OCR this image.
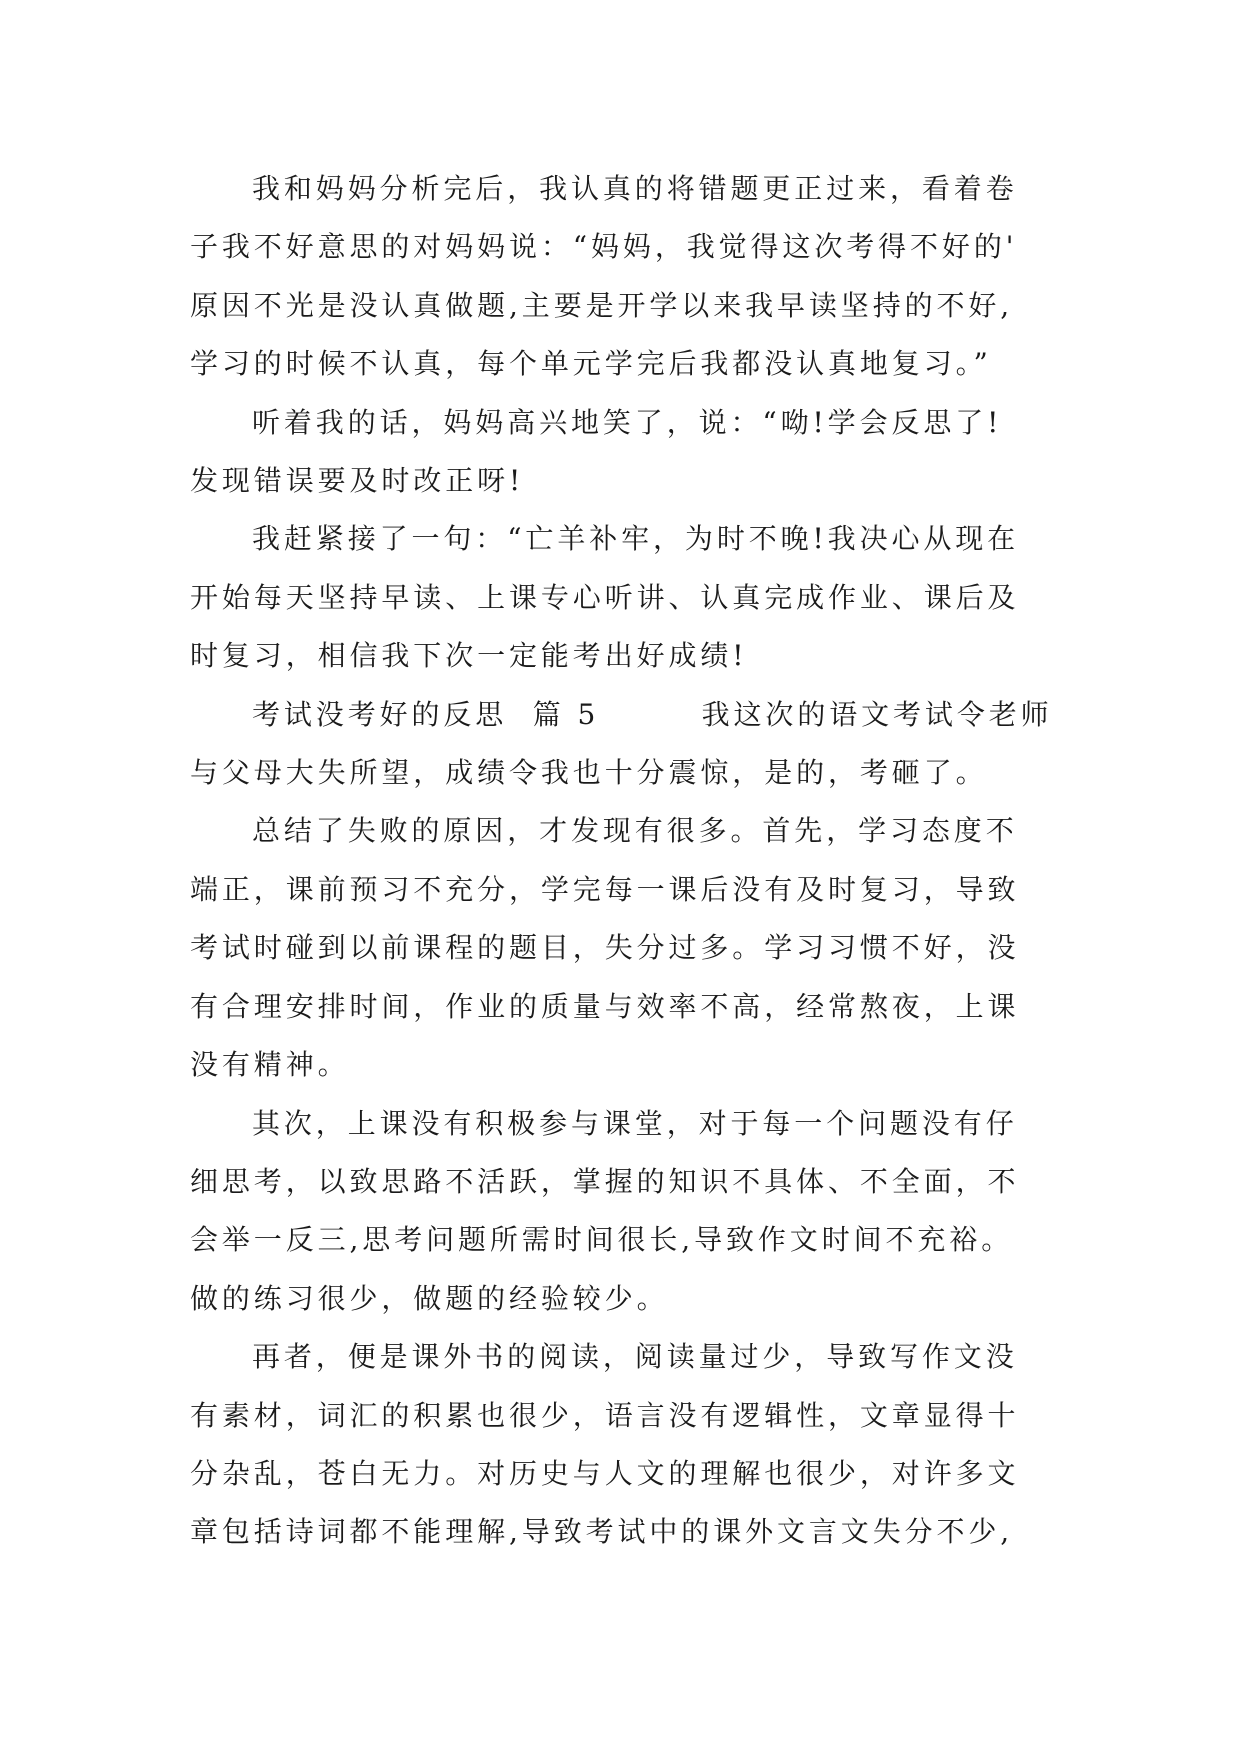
我和妈妈分析完后，我认真的将错题更正过来，看着卷
子我不好意思的对妈妈说：“妈妈，我觉得这次考得不好的'
原因不光是没认真做题,主要是开学以来我早读坚持的不好,
学习的时候不认真，每个单元学完后我都没认真地复习。”

听着我的话，妈妈高兴地笑了，说：“呦!学会反思了!
发现错误要及时改正呀!

我赶紧接了一句：“亡羊补牢，为时不晚!我决心从现在
开始每天坚持早读、上课专心听讲、认真完成作业、课后及
时复习，相信我下次一定能考出好成绩!

考试没考好的反思  篇 5        我这次的语文考试令老师
与父母大失所望，成绩令我也十分震惊，是的，考砸了。

总结了失败的原因，才发现有很多。首先，学习态度不
端正，课前预习不充分，学完每一课后没有及时复习，导致
考试时碰到以前课程的题目，失分过多。学习习惯不好，没
有合理安排时间，作业的质量与效率不高，经常熬夜，上课
没有精神。

其次，上课没有积极参与课堂，对于每一个问题没有仔
细思考，以致思路不活跃，掌握的知识不具体、不全面，不
会举一反三,思考问题所需时间很长,导致作文时间不充裕。
做的练习很少，做题的经验较少。

再者，便是课外书的阅读，阅读量过少，导致写作文没
有素材，词汇的积累也很少，语言没有逻辑性，文章显得十
分杂乱，苍白无力。对历史与人文的理解也很少，对许多文
章包括诗词都不能理解,导致考试中的课外文言文失分不少,
